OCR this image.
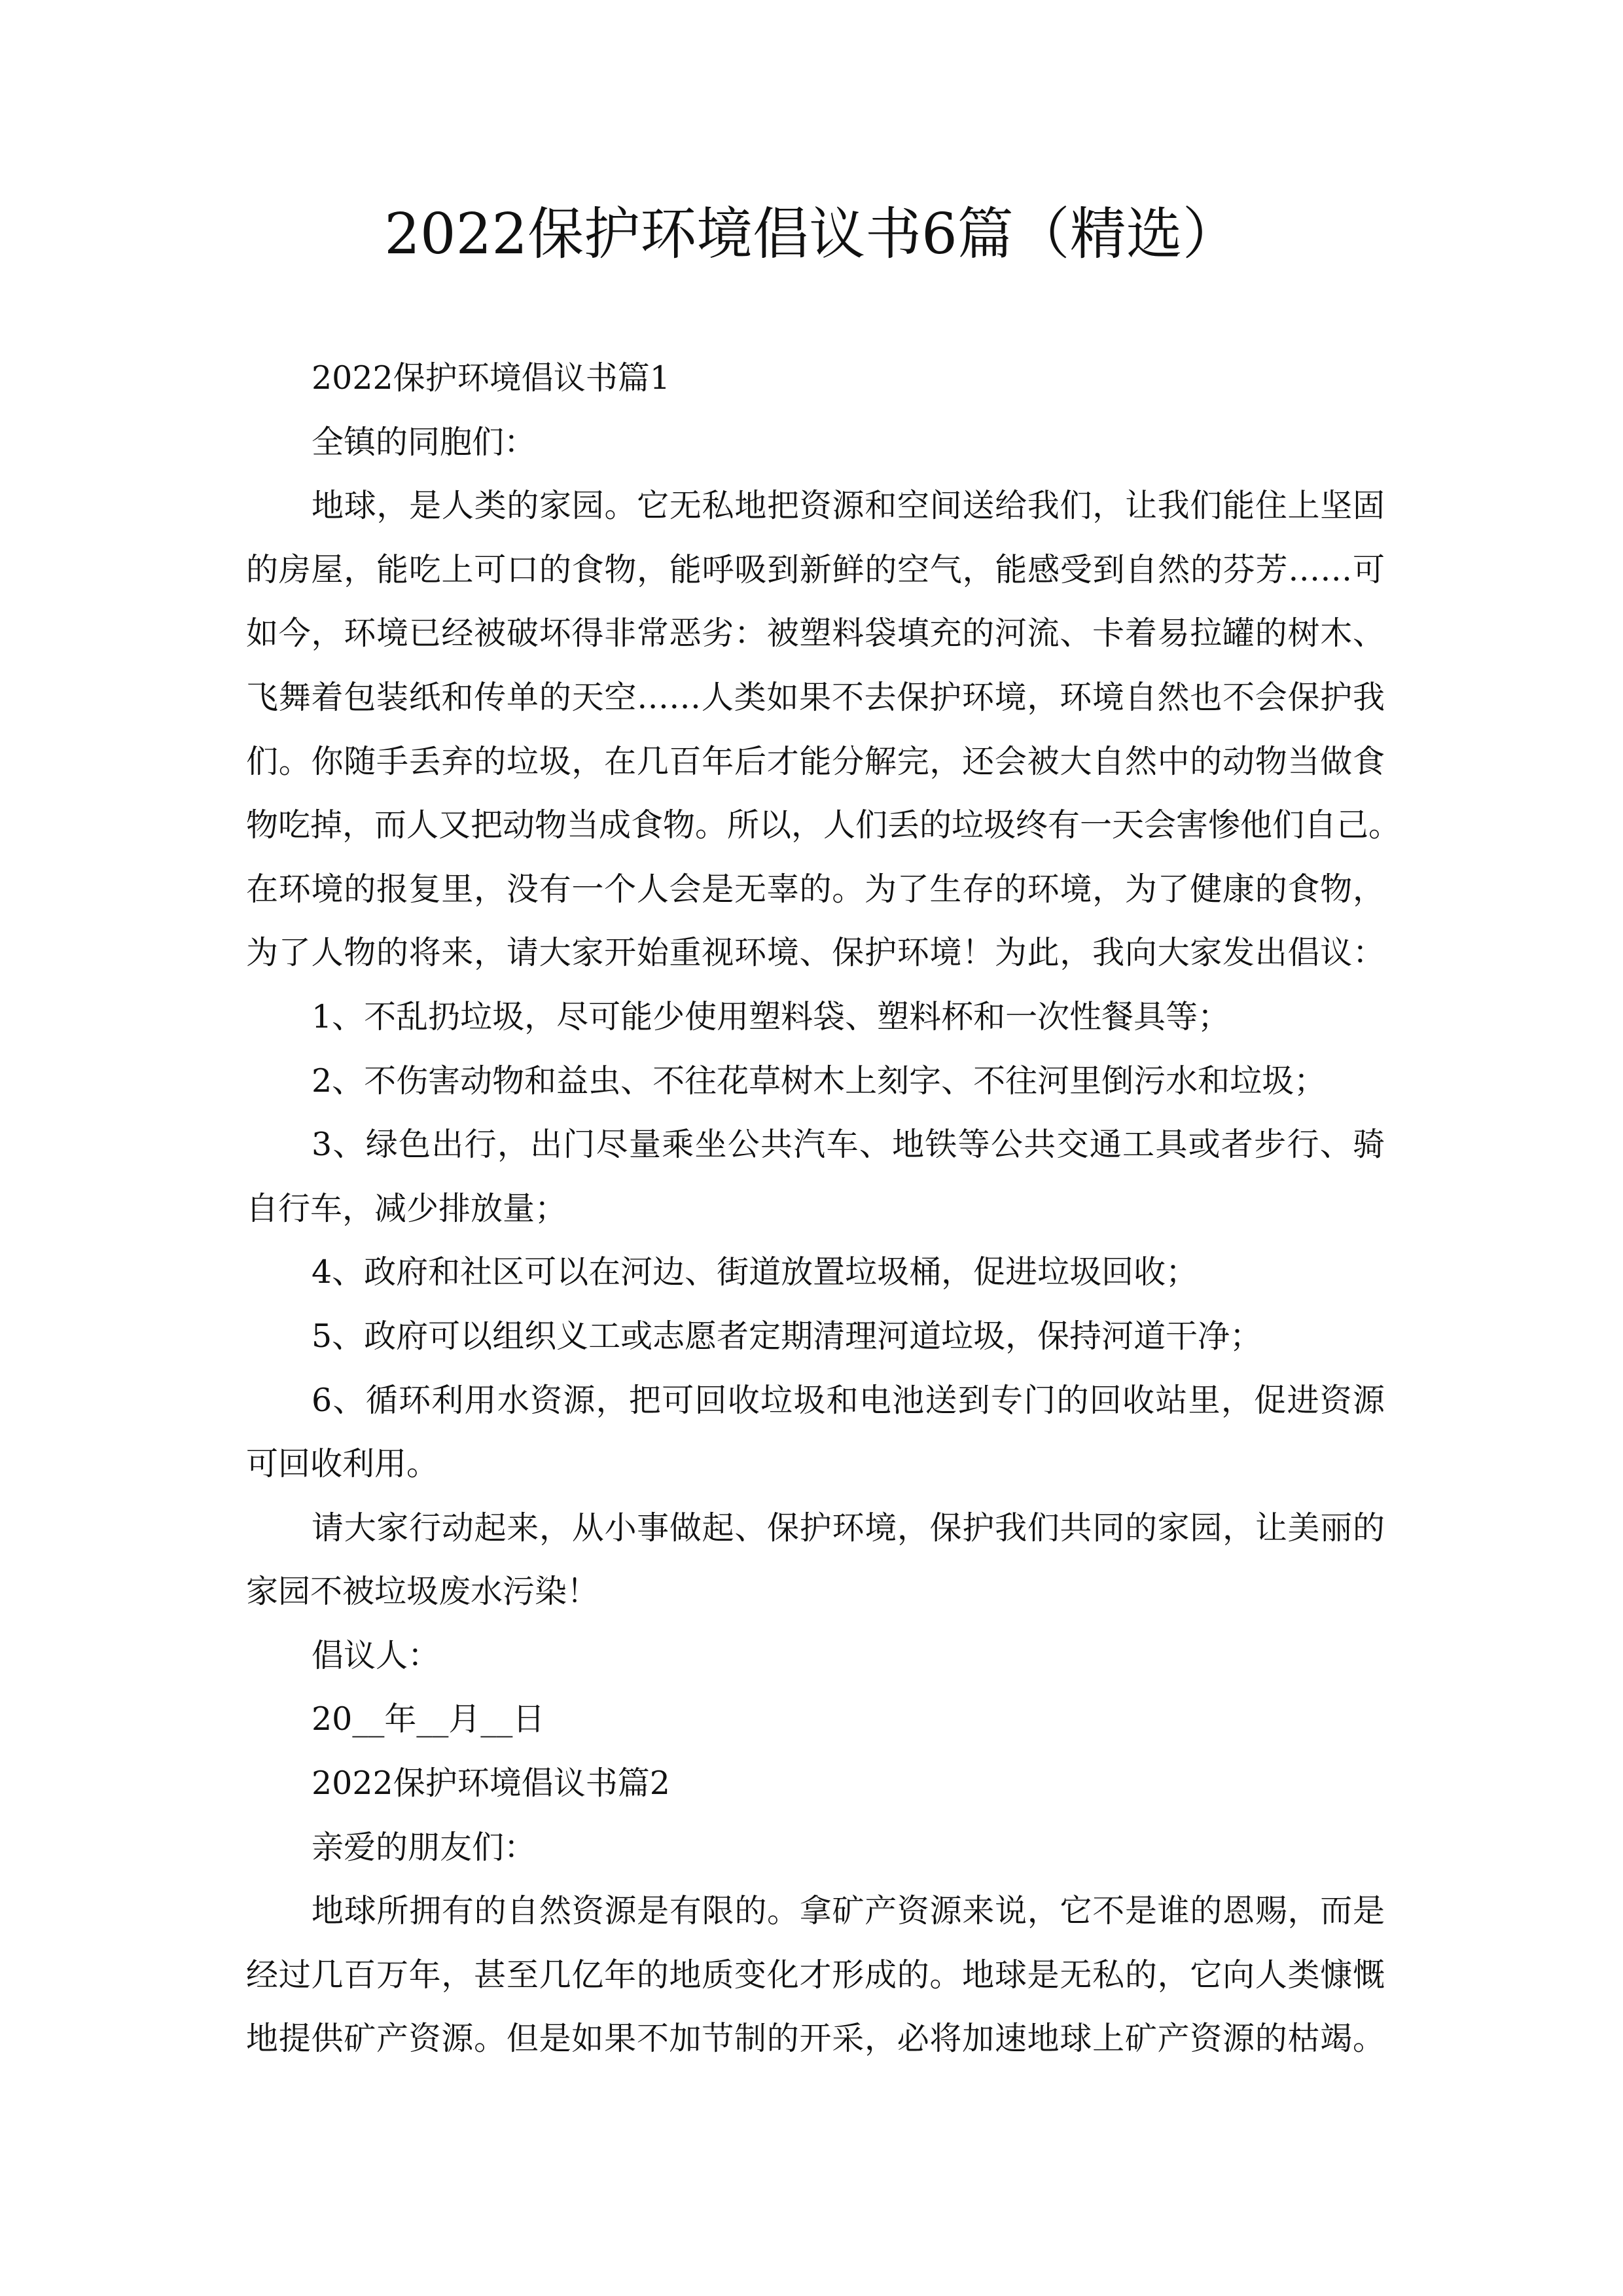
2022保护环境倡议书6篇（精选）
2022保护环境倡议书篇1
全镇的同胞们：
地球，是人类的家园。它无私地把资源和空间送给我们，让我们能住上坚固
的房屋，能吃上可口的食物，能呼吸到新鲜的空气，能感受到自然的芬芳……可
如今，环境已经被破坏得非常恶劣：被塑料袋填充的河流、卡着易拉罐的树木、
飞舞着包装纸和传单的天空……人类如果不去保护环境，环境自然也不会保护我
们。你随手丢弃的垃圾，在几百年后才能分解完，还会被大自然中的动物当做食
物吃掉，而人又把动物当成食物。所以，人们丢的垃圾终有一天会害惨他们自己。
在环境的报复里，没有一个人会是无辜的。为了生存的环境，为了健康的食物，
为了人物的将来，请大家开始重视环境、保护环境！为此，我向大家发出倡议：
1、不乱扔垃圾，尽可能少使用塑料袋、塑料杯和一次性餐具等；
2、不伤害动物和益虫、不往花草树木上刻字、不往河里倒污水和垃圾；
3、绿色出行，出门尽量乘坐公共汽车、地铁等公共交通工具或者步行、骑
自行车，减少排放量；
4、政府和社区可以在河边、街道放置垃圾桶，促进垃圾回收；
5、政府可以组织义工或志愿者定期清理河道垃圾，保持河道干净；
6、循环利用水资源，把可回收垃圾和电池送到专门的回收站里，促进资源
可回收利用。
请大家行动起来，从小事做起、保护环境，保护我们共同的家园，让美丽的
家园不被垃圾废水污染！
倡议人：
20__年__月__日
2022保护环境倡议书篇2
亲爱的朋友们：
地球所拥有的自然资源是有限的。拿矿产资源来说，它不是谁的恩赐，而是
经过几百万年，甚至几亿年的地质变化才形成的。地球是无私的，它向人类慷慨
地提供矿产资源。但是如果不加节制的开采，必将加速地球上矿产资源的枯竭。
